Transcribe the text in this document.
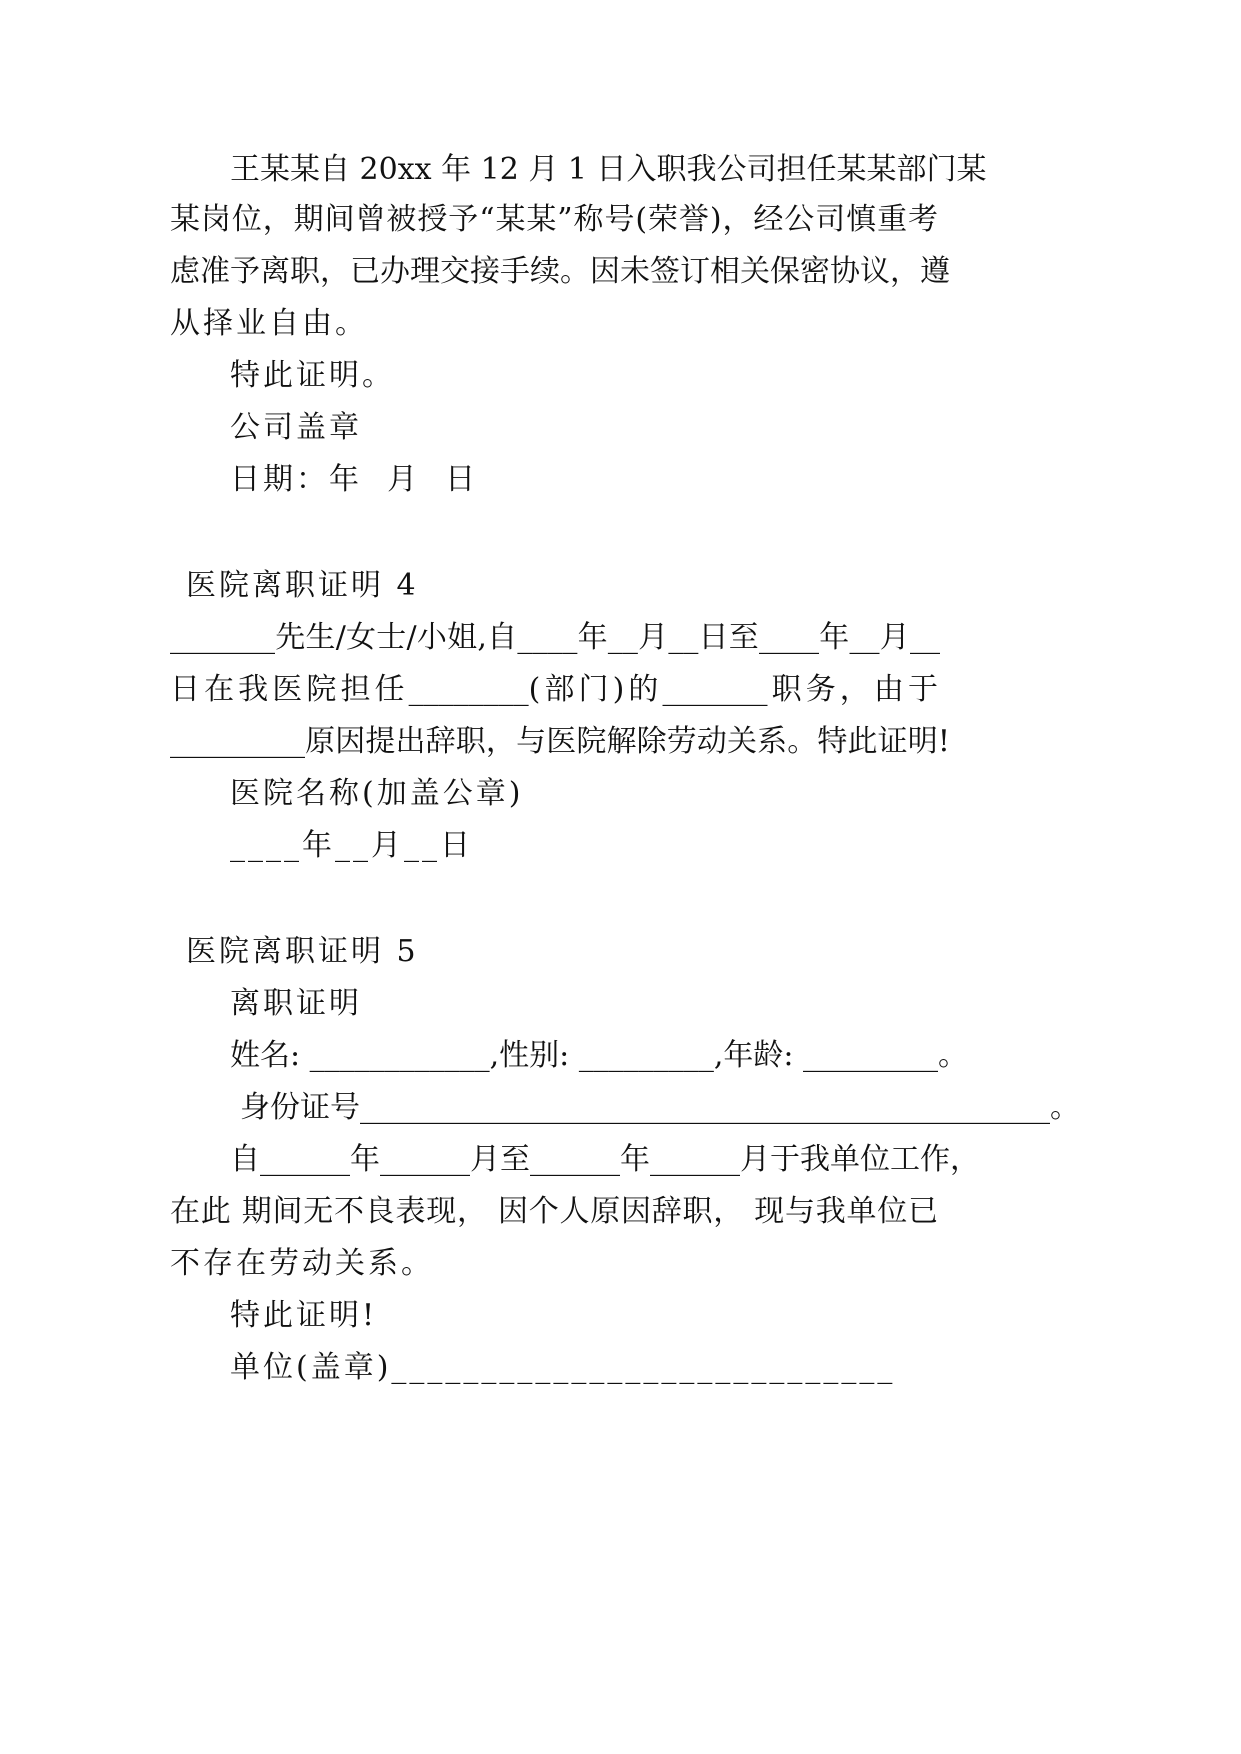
王某某自 20xx 年 12 月 1 日入职我公司担任某某部门某
某岗位，期间曾被授予“某某”称号(荣誉)，经公司慎重考
虑准予离职，已办理交接手续。因未签订相关保密协议，遵
从择业自由。
特此证明。
公司盖章
日期：年  月  日
医院离职证明 4
_______先生/女士/小姐,自____年__月__日至____年__月__
日在我医院担任________(部门)的_______职务，由于
_________原因提出辞职，与医院解除劳动关系。特此证明!
医院名称(加盖公章)
____年__月__日
医院离职证明 5
离职证明
姓名: ____________,性别: _________,年龄: _________。
身份证号______________________________________________。
自______年______月至______年______月于我单位工作，
在此 期间无不良表现， 因个人原因辞职， 现与我单位已
不存在劳动关系。
特此证明!
单位(盖章)____________________________
